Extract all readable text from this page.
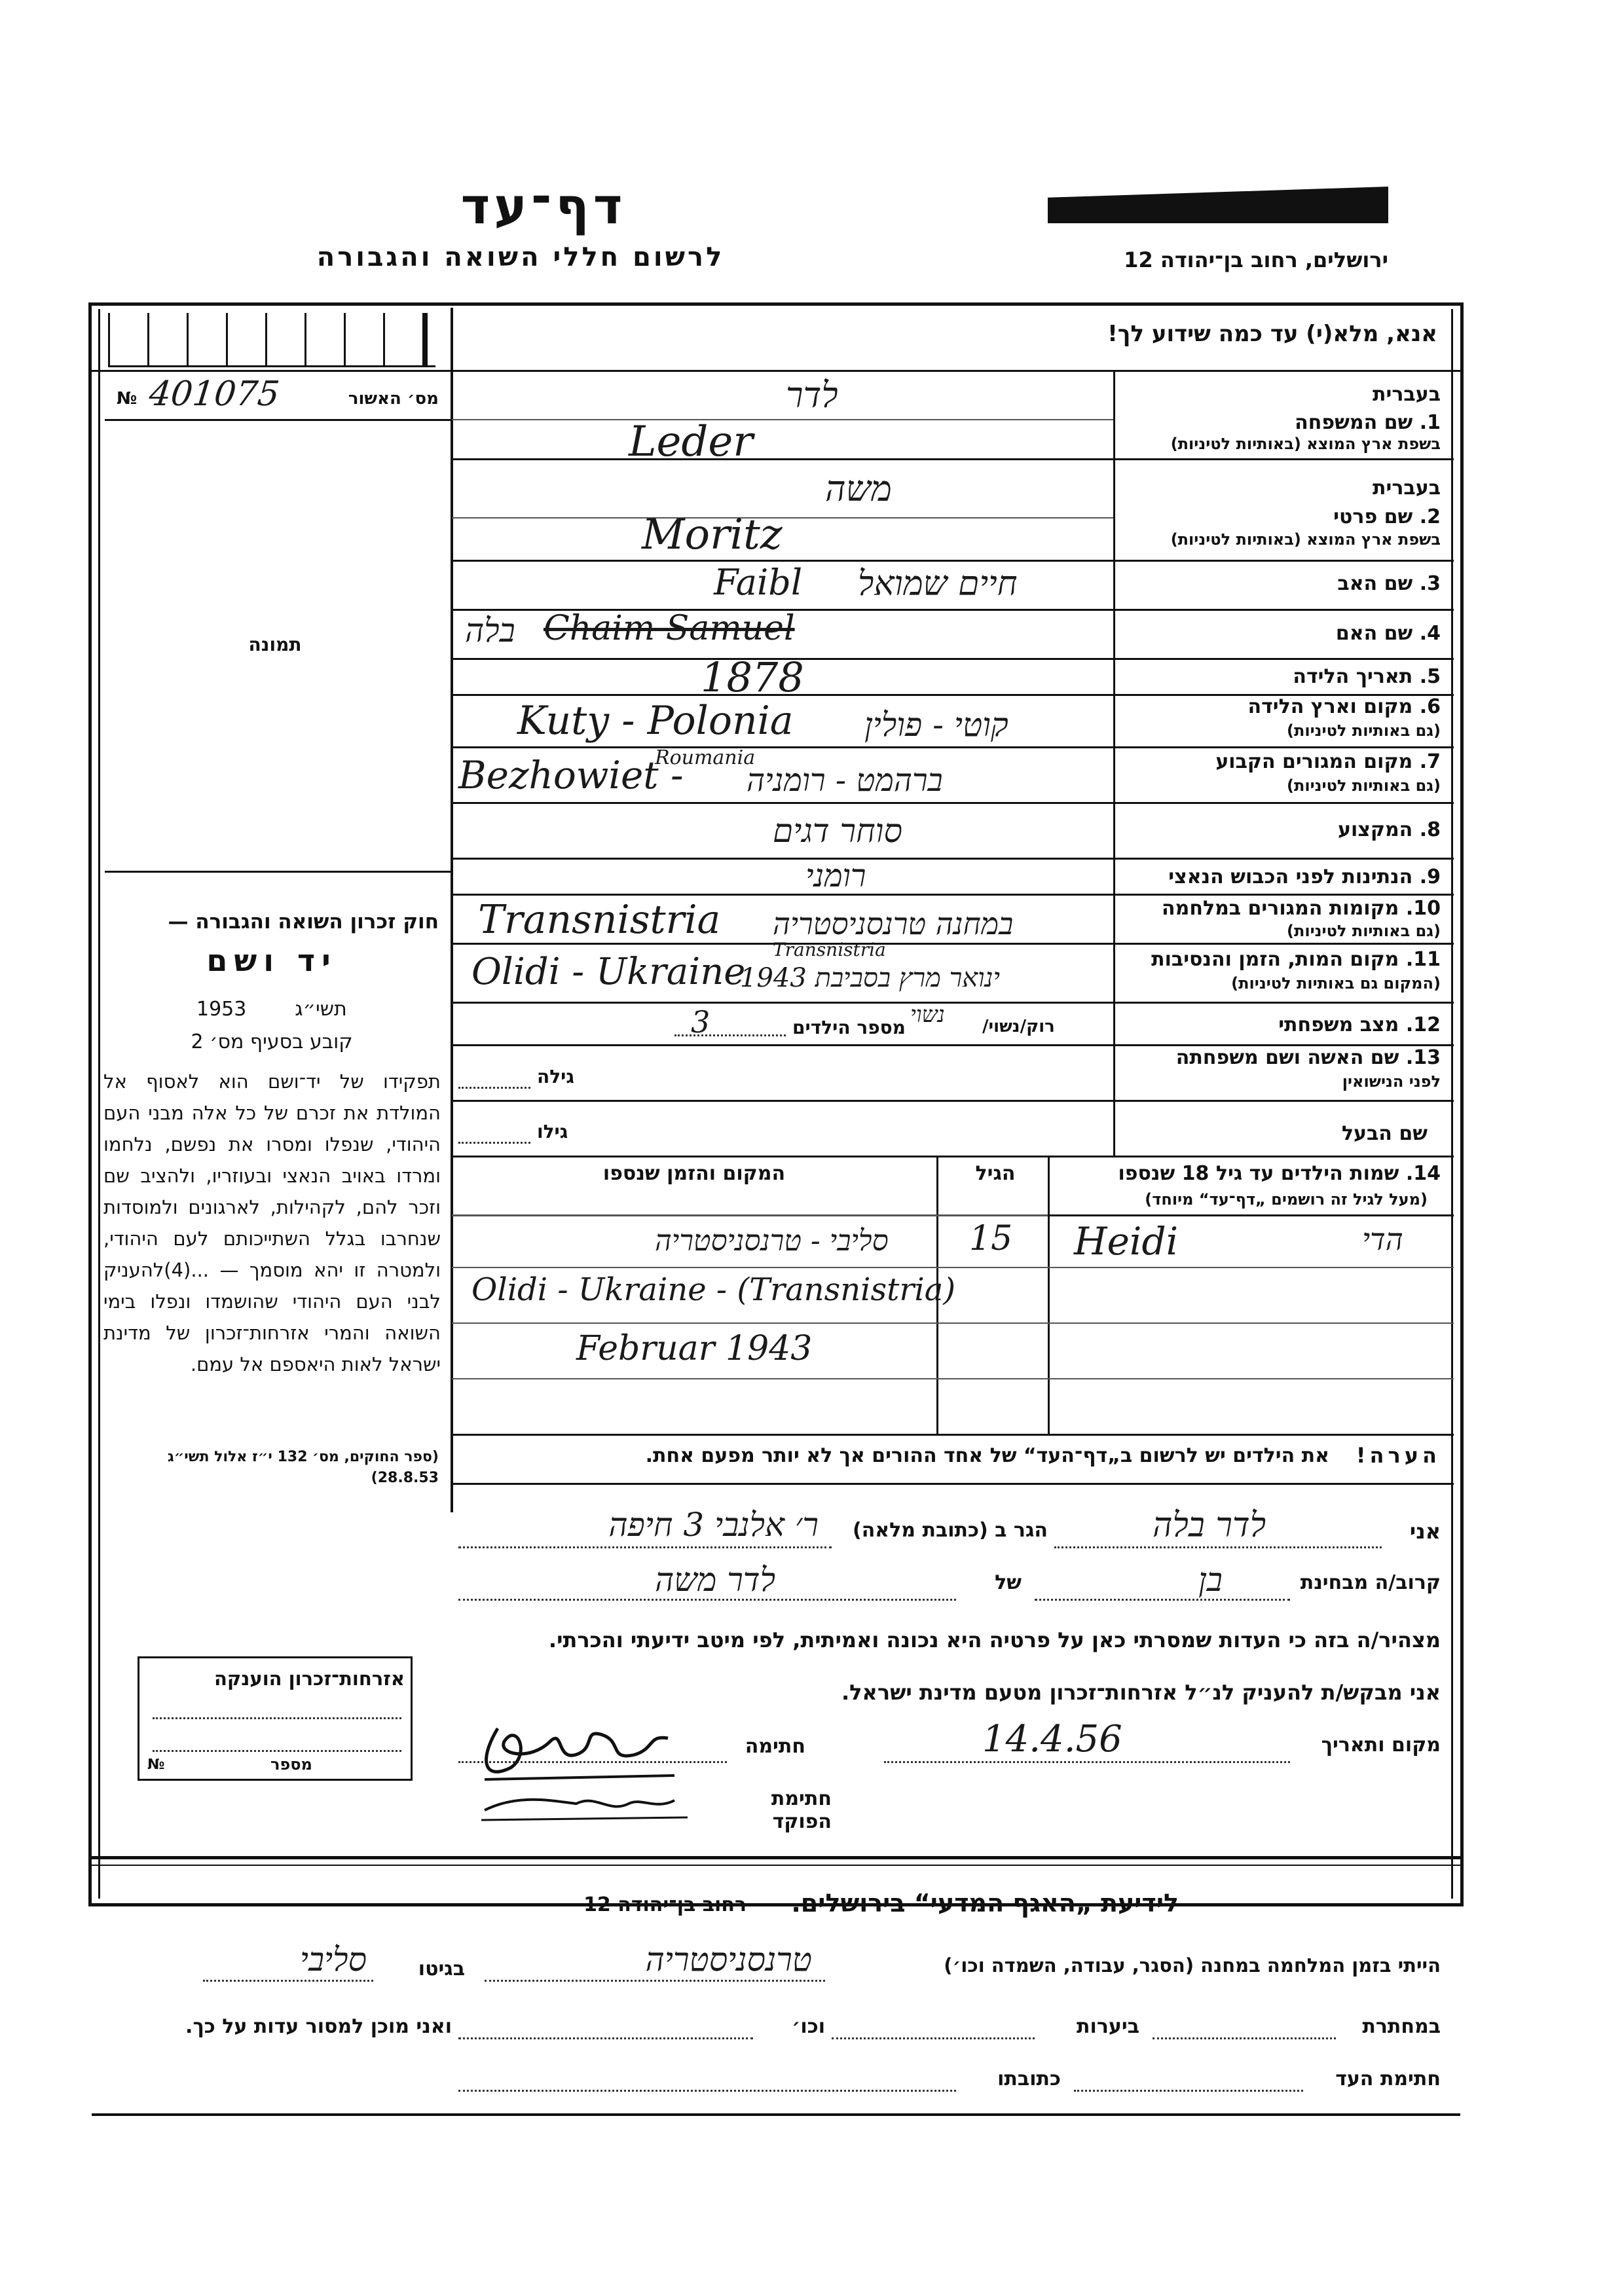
דף־עד
לרשום חללי השואה והגבורה	ירושלים, רחוב בן־יהודה 12
אנא, מלא(י) עד כמה שידוע לך!
№ 401075	מס׳ האשור
תמונה
חוק זכרון השואה והגבורה —
יד ושם
תשי״ג
1953
קובע בסעיף מס׳ 2
תפקידו של יד־ושם הוא לאסוף אל המולדת את זכרם של כל אלה מבני העם היהודי, שנפלו ומסרו את נפשם, נלחמו ומרדו באויב הנאצי ובעוזריו, ולהציב שם וזכר להם, לקהילות, לארגונים ולמוסדות שנחרבו בגלל השתייכותם לעם היהודי, ולמטרה זו יהא מוסמך — ...(4)להעניק לבני העם היהודי שהושמדו ונפלו בימי השואה והמרי אזרחות־זכרון של מדינת ישראל לאות היאספם אל עמם.
(ספר החוקים, מס׳ 132 י״ז אלול תשי״ג 28.8.53)
בעברית
1. שם המשפחה
בשפת ארץ המוצא (באותיות לטיניות)
לדר
Leder
בעברית
2. שם פרטי
בשפת ארץ המוצא (באותיות לטיניות)
משה
Moritz
3. שם האב
חיים שמואל
Faibl
4. שם האם
Chaim Samuel
בלה
5. תאריך הלידה
1878
6. מקום וארץ הלידה
(גם באותיות לטיניות)
Kuty - Polonia קוטי - פולין
7. מקום המגורים הקבוע
(גם באותיות לטיניות)
Bezhowiet -
Roumania
ברהמט - רומניה
8. המקצוע
סוחר דגים
9. הנתינות לפני הכבוש הנאצי
רומני
10. מקומות המגורים במלחמה
(גם באותיות לטיניות)
Transnistria במחנה טרנסניסטריה
11. מקום המות, הזמן והנסיבות
(המקום גם באותיות לטיניות)
Olidi - Ukraine
Transnistria
ינואר מרץ בסביבת 1943
12. מצב משפחתי
רוק/נשוי/
נשוי
מספר הילדים
3
13. שם האשה ושם משפחתה
לפני הנישואין
גילה
שם הבעל
גילו
14. שמות הילדים עד גיל 18 שנספו
(מעל לגיל זה רושמים „דף־עד“ מיוחד)
הגיל
המקום והזמן שנספו
הדי
Heidi
15
סליבי - טרנסניסטריה
Olidi - Ukraine - (Transnistria)
Februar 1943
הערה!
את הילדים יש לרשום ב„דף־העד“ של אחד ההורים אך לא יותר מפעם אחת.
אני
לדר בלה
הגר ב (כתובת מלאה)
ר׳ אלנבי 3 חיפה
קרוב/ה מבחינת
בן
של
לדר משה
מצהיר/ה בזה כי העדות שמסרתי כאן על פרטיה היא נכונה ואמיתית, לפי מיטב ידיעתי והכרתי.
אני מבקש/ת להעניק לנ״ל אזרחות־זכרון מטעם מדינת ישראל.
מקום ותאריך
14.4.56
חתימה
חתימת הפוקד
אזרחות־זכרון הוענקה
מספר
№
לידיעת „האגף המדעי“ בירושלים.
רחוב בן־יהודה 12
הייתי בזמן המלחמה במחנה (הסגר, עבודה, השמדה וכו׳)
טרנסניסטריה
בגיטו
סליבי
במחתרת
ביערות
וכו׳
ואני מוכן למסור עדות על כך.
חתימת העד
כתובתו
